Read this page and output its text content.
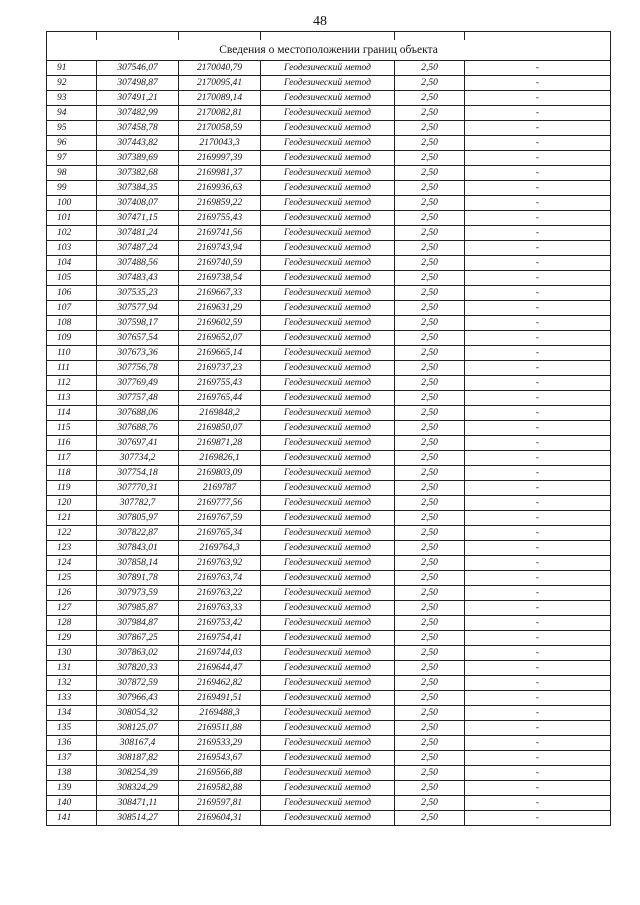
48

Сведения о местоположении границ объекта					
91	307546,07	2170040,79	Геодезический метод	2,50	-
92	307498,87	2170095,41	Геодезический метод	2,50	-
93	307491,21	2170089,14	Геодезический метод	2,50	-
94	307482,99	2170082,81	Геодезический метод	2,50	-
95	307458,78	2170058,59	Геодезический метод	2,50	-
96	307443,82	2170043,3	Геодезический метод	2,50	-
97	307389,69	2169997,39	Геодезический метод	2,50	-
98	307382,68	2169981,37	Геодезический метод	2,50	-
99	307384,35	2169936,63	Геодезический метод	2,50	-
100	307408,07	2169859,22	Геодезический метод	2,50	-
101	307471,15	2169755,43	Геодезический метод	2,50	-
102	307481,24	2169741,56	Геодезический метод	2,50	-
103	307487,24	2169743,94	Геодезический метод	2,50	-
104	307488,56	2169740,59	Геодезический метод	2,50	-
105	307483,43	2169738,54	Геодезический метод	2,50	-
106	307535,23	2169667,33	Геодезический метод	2,50	-
107	307577,94	2169631,29	Геодезический метод	2,50	-
108	307598,17	2169602,59	Геодезический метод	2,50	-
109	307657,54	2169652,07	Геодезический метод	2,50	-
110	307673,36	2169665,14	Геодезический метод	2,50	-
111	307756,78	2169737,23	Геодезический метод	2,50	-
112	307769,49	2169755,43	Геодезический метод	2,50	-
113	307757,48	2169765,44	Геодезический метод	2,50	-
114	307688,06	2169848,2	Геодезический метод	2,50	-
115	307688,76	2169850,07	Геодезический метод	2,50	-
116	307697,41	2169871,28	Геодезический метод	2,50	-
117	307734,2	2169826,1	Геодезический метод	2,50	-
118	307754,18	2169803,09	Геодезический метод	2,50	-
119	307770,31	2169787	Геодезический метод	2,50	-
120	307782,7	2169777,56	Геодезический метод	2,50	-
121	307805,97	2169767,59	Геодезический метод	2,50	-
122	307822,87	2169765,34	Геодезический метод	2,50	-
123	307843,01	2169764,3	Геодезический метод	2,50	-
124	307858,14	2169763,92	Геодезический метод	2,50	-
125	307891,78	2169763,74	Геодезический метод	2,50	-
126	307973,59	2169763,22	Геодезический метод	2,50	-
127	307985,87	2169763,33	Геодезический метод	2,50	-
128	307984,87	2169753,42	Геодезический метод	2,50	-
129	307867,25	2169754,41	Геодезический метод	2,50	-
130	307863,02	2169744,03	Геодезический метод	2,50	-
131	307820,33	2169644,47	Геодезический метод	2,50	-
132	307872,59	2169462,82	Геодезический метод	2,50	-
133	307966,43	2169491,51	Геодезический метод	2,50	-
134	308054,32	2169488,3	Геодезический метод	2,50	-
135	308125,07	2169511,88	Геодезический метод	2,50	-
136	308167,4	2169533,29	Геодезический метод	2,50	-
137	308187,82	2169543,67	Геодезический метод	2,50	-
138	308254,39	2169566,88	Геодезический метод	2,50	-
139	308324,29	2169582,88	Геодезический метод	2,50	-
140	308471,11	2169597,81	Геодезический метод	2,50	-
141	308514,27	2169604,31	Геодезический метод	2,50	-
